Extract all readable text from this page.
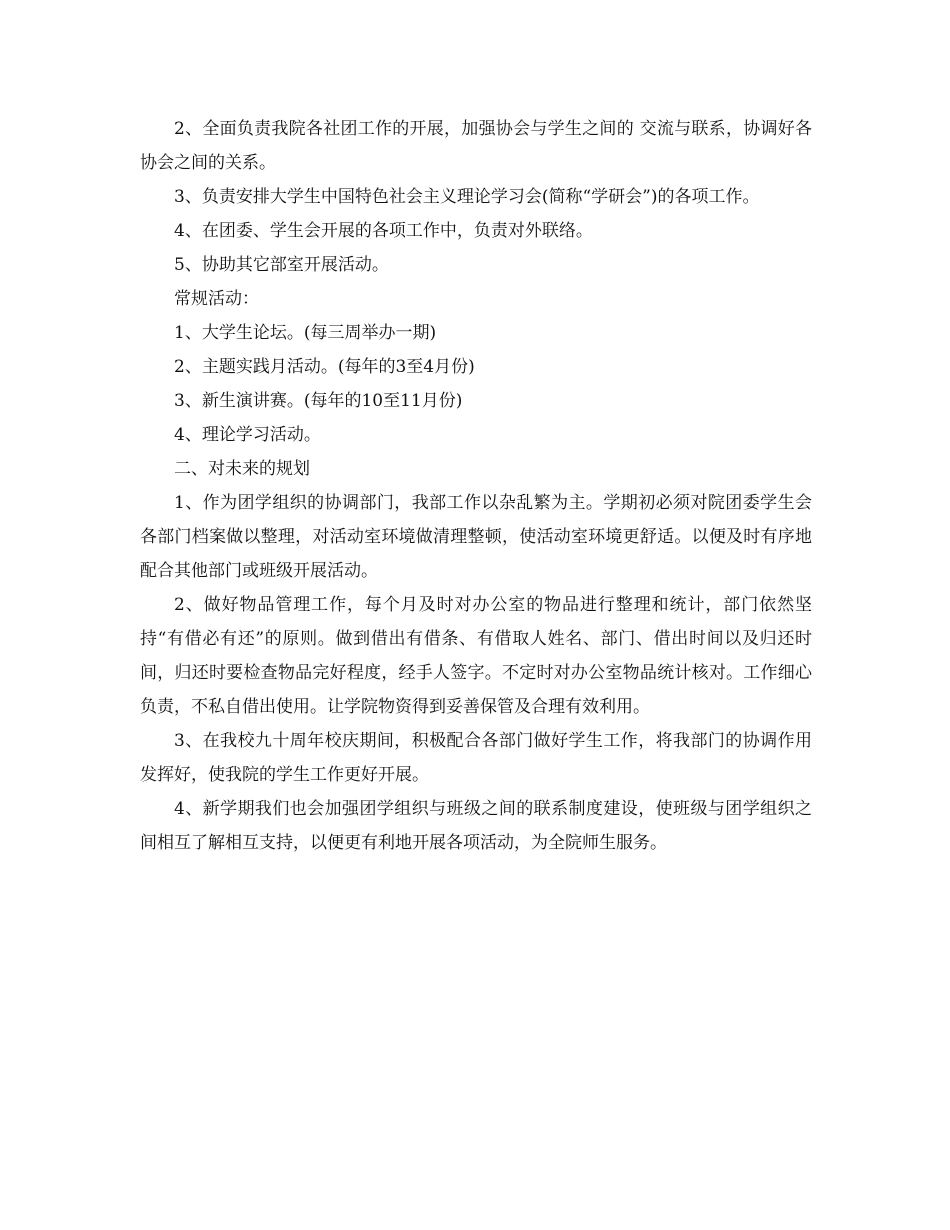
2、全面负责我院各社团工作的开展，加强协会与学生之间的 交流与联系，协调好各协会之间的关系。

3、负责安排大学生中国特色社会主义理论学习会(简称“学研会”)的各项工作。

4、在团委、学生会开展的各项工作中，负责对外联络。

5、协助其它部室开展活动。

常规活动：

1、大学生论坛。(每三周举办一期)

2、主题实践月活动。(每年的3至4月份)

3、新生演讲赛。(每年的10至11月份)

4、理论学习活动。

二、对未来的规划

1、作为团学组织的协调部门，我部工作以杂乱繁为主。学期初必须对院团委学生会各部门档案做以整理，对活动室环境做清理整顿，使活动室环境更舒适。以便及时有序地配合其他部门或班级开展活动。

2、做好物品管理工作，每个月及时对办公室的物品进行整理和统计，部门依然坚持“有借必有还”的原则。做到借出有借条、有借取人姓名、部门、借出时间以及归还时间，归还时要检查物品完好程度，经手人签字。不定时对办公室物品统计核对。工作细心负责，不私自借出使用。让学院物资得到妥善保管及合理有效利用。

3、在我校九十周年校庆期间，积极配合各部门做好学生工作，将我部门的协调作用发挥好，使我院的学生工作更好开展。

4、新学期我们也会加强团学组织与班级之间的联系制度建设，使班级与团学组织之间相互了解相互支持，以便更有利地开展各项活动，为全院师生服务。
